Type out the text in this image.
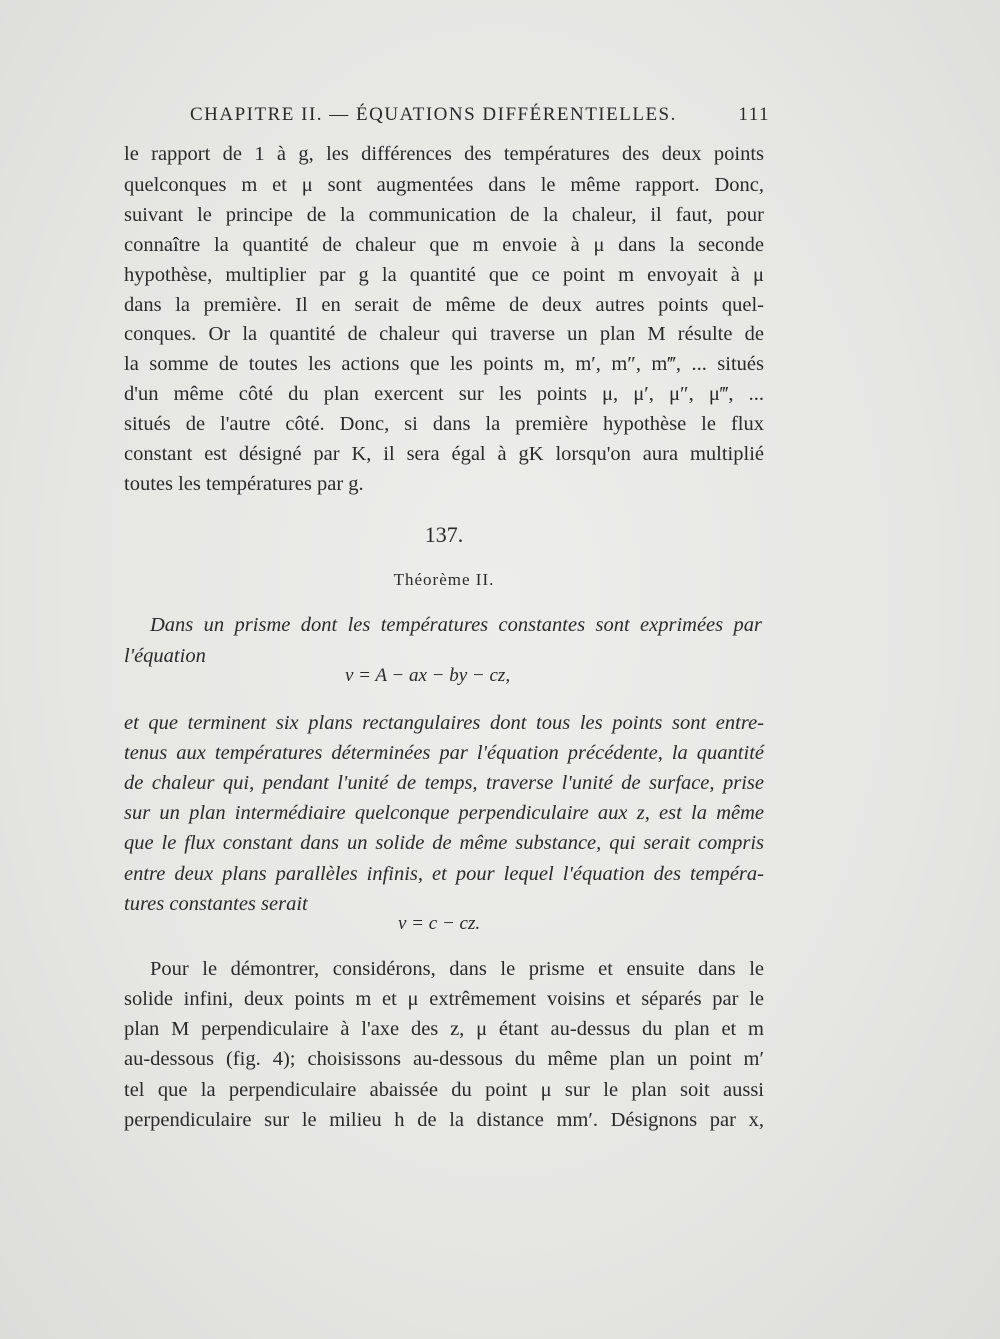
CHAPITRE II. — ÉQUATIONS DIFFÉRENTIELLES.	111
le rapport de 1 à g, les différences des températures des deux points
quelconques m et μ sont augmentées dans le même rapport. Donc,
suivant le principe de la communication de la chaleur, il faut, pour
connaître la quantité de chaleur que m envoie à μ dans la seconde
hypothèse, multiplier par g la quantité que ce point m envoyait à μ
dans la première. Il en serait de même de deux autres points quel-
conques. Or la quantité de chaleur qui traverse un plan M résulte de
la somme de toutes les actions que les points m, m′, m″, m‴, ... situés
d'un même côté du plan exercent sur les points μ, μ′, μ″, μ‴, ...
situés de l'autre côté. Donc, si dans la première hypothèse le flux
constant est désigné par K, il sera égal à gK lorsqu'on aura multiplié
toutes les températures par g.
137.
Théorème II.
Dans un prisme dont les températures constantes sont exprimées par
l'équation
v = A − ax − by − cz,
et que terminent six plans rectangulaires dont tous les points sont entre-
tenus aux températures déterminées par l'équation précédente, la quantité
de chaleur qui, pendant l'unité de temps, traverse l'unité de surface, prise
sur un plan intermédiaire quelconque perpendiculaire aux z, est la même
que le flux constant dans un solide de même substance, qui serait compris
entre deux plans parallèles infinis, et pour lequel l'équation des tempéra-
tures constantes serait
v = c − cz.
Pour le démontrer, considérons, dans le prisme et ensuite dans le
solide infini, deux points m et μ extrêmement voisins et séparés par le
plan M perpendiculaire à l'axe des z, μ étant au-dessus du plan et m
au-dessous (fig. 4); choisissons au-dessous du même plan un point m′
tel que la perpendiculaire abaissée du point μ sur le plan soit aussi
perpendiculaire sur le milieu h de la distance mm′. Désignons par x,
